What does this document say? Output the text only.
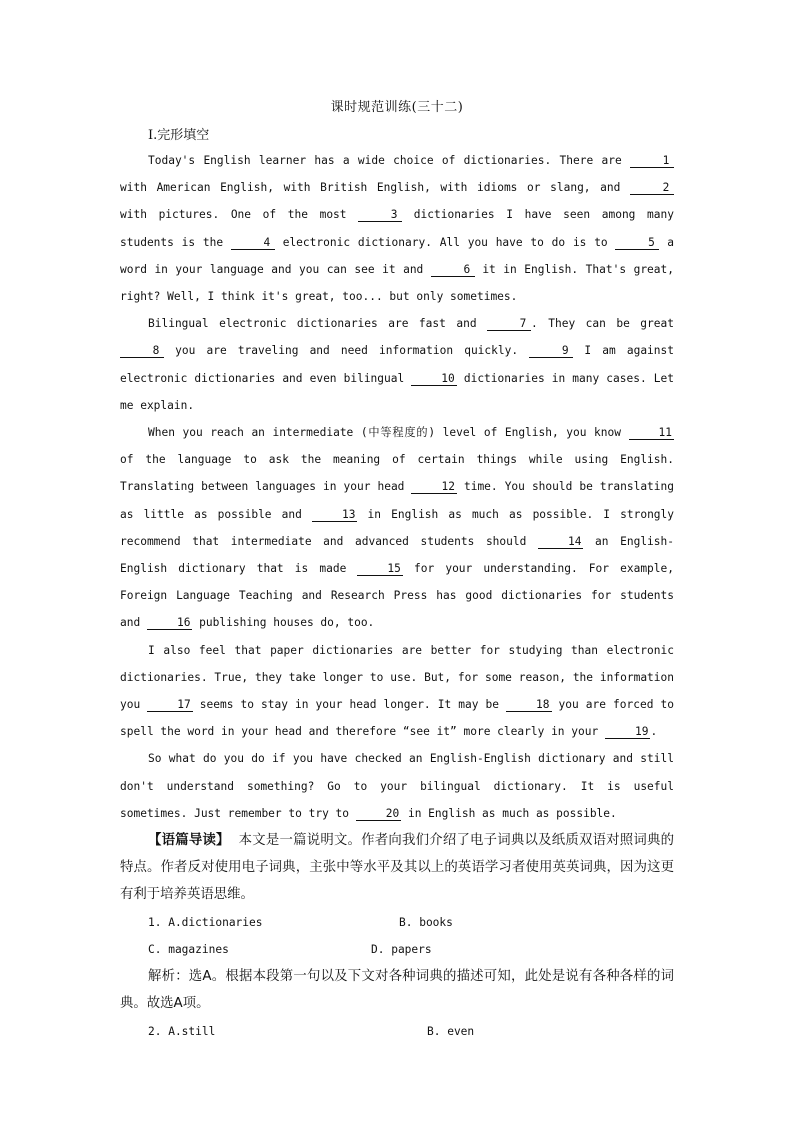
课时规范训练(三十二)
Ⅰ.完形填空

Today's English learner has a wide choice of dictionaries. There are	1 with American English, with British English, with idioms or slang, and	2 with pictures. One of the most	3 dictionaries I have seen among many students is the	4 electronic dictionary. All you have to do is to	5 a word in your language and you can see it and	6 it in English. That's great, right? Well, I think it's great, too... but only sometimes.

Bilingual electronic dictionaries are fast and	7 . They can be great 8 you are traveling and need information quickly.	9 I am against electronic dictionaries and even bilingual	10 dictionaries in many cases. Let me explain.

When you reach an intermediate (中等程度的) level of English, you know	11 of the language to ask the meaning of certain things while using English. Translating between languages in your head	12 time. You should be translating as little as possible and	13 in English as much as possible. I strongly recommend that intermediate and advanced students should	14 an English-English dictionary that is made	15 for your understanding. For example, Foreign Language Teaching and Research Press has good dictionaries for students and	16 publishing houses do, too.

I also feel that paper dictionaries are better for studying than electronic dictionaries. True, they take longer to use. But, for some reason, the information you	17 seems to stay in your head longer. It may be	18 you are forced to spell the word in your head and therefore “see it” more clearly in your	19 .

So what do you do if you have checked an English-English dictionary and still don't understand something? Go to your bilingual dictionary. It is useful sometimes. Just remember to try to	20 in English as much as possible.

【语篇导读】 本文是一篇说明文。作者向我们介绍了电子词典以及纸质双语对照词典的特点。作者反对使用电子词典，主张中等水平及其以上的英语学习者使用英英词典，因为这更有利于培养英语思维。

1. A.dictionaries	B. books
C. magazines	D. papers

解析：选A。根据本段第一句以及下文对各种词典的描述可知，此处是说有各种各样的词典。故选A项。

2. A.still	B. even
